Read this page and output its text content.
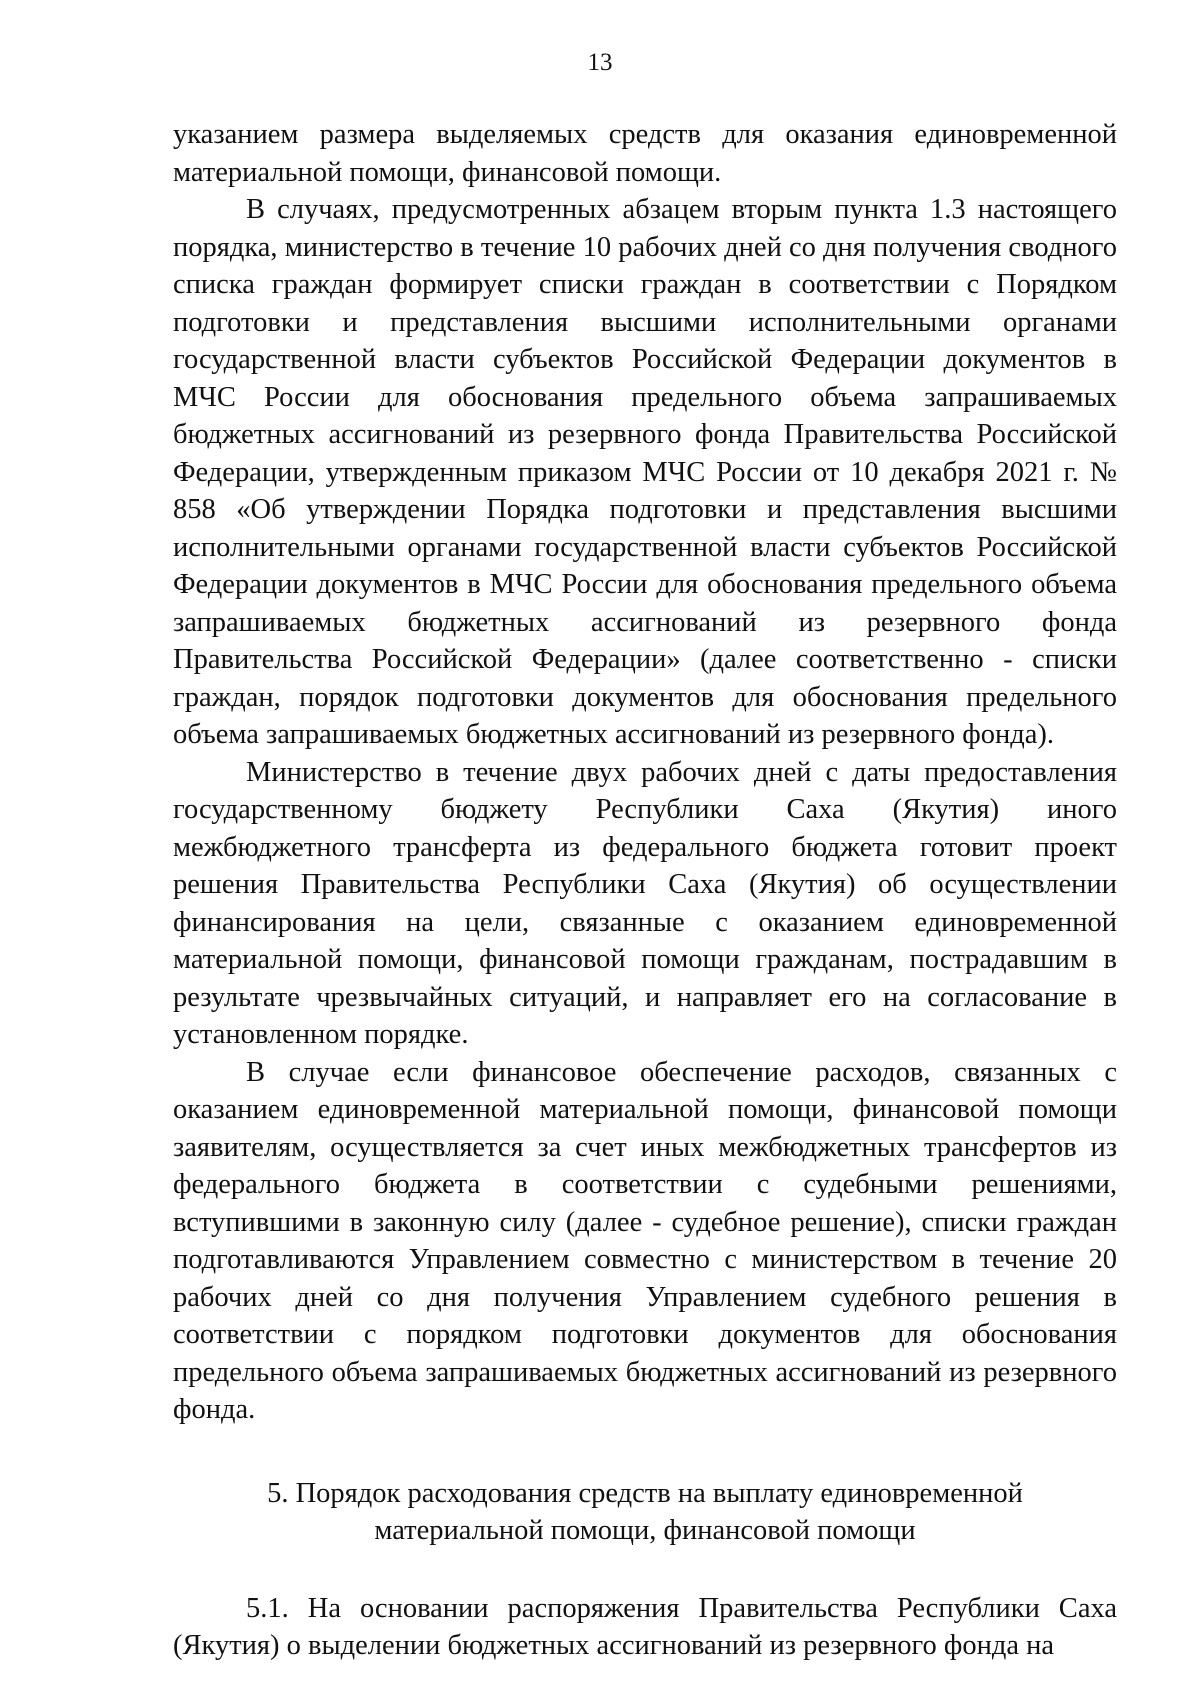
13

указанием размера выделяемых средств для оказания единовременной материальной помощи, финансовой помощи.

В случаях, предусмотренных абзацем вторым пункта 1.3 настоящего порядка, министерство в течение 10 рабочих дней со дня получения сводного списка граждан формирует списки граждан в соответствии с Порядком подготовки и представления высшими исполнительными органами государственной власти субъектов Российской Федерации документов в МЧС России для обоснования предельного объема запрашиваемых бюджетных ассигнований из резервного фонда Правительства Российской Федерации, утвержденным приказом МЧС России от 10 декабря 2021 г. № 858 «Об утверждении Порядка подготовки и представления высшими исполнительными органами государственной власти субъектов Российской Федерации документов в МЧС России для обоснования предельного объема запрашиваемых бюджетных ассигнований из резервного фонда Правительства Российской Федерации» (далее соответственно - списки граждан, порядок подготовки документов для обоснования предельного объема запрашиваемых бюджетных ассигнований из резервного фонда).

Министерство в течение двух рабочих дней с даты предоставления государственному бюджету Республики Саха (Якутия) иного межбюджетного трансферта из федерального бюджета готовит проект решения Правительства Республики Саха (Якутия) об осуществлении финансирования на цели, связанные с оказанием единовременной материальной помощи, финансовой помощи гражданам, пострадавшим в результате чрезвычайных ситуаций, и направляет его на согласование в установленном порядке.

В случае если финансовое обеспечение расходов, связанных с оказанием единовременной материальной помощи, финансовой помощи заявителям, осуществляется за счет иных межбюджетных трансфертов из федерального бюджета в соответствии с судебными решениями, вступившими в законную силу (далее - судебное решение), списки граждан подготавливаются Управлением совместно с министерством в течение 20 рабочих дней со дня получения Управлением судебного решения в соответствии с порядком подготовки документов для обоснования предельного объема запрашиваемых бюджетных ассигнований из резервного фонда.

5. Порядок расходования средств на выплату единовременной материальной помощи, финансовой помощи

5.1. На основании распоряжения Правительства Республики Саха (Якутия) о выделении бюджетных ассигнований из резервного фонда на
